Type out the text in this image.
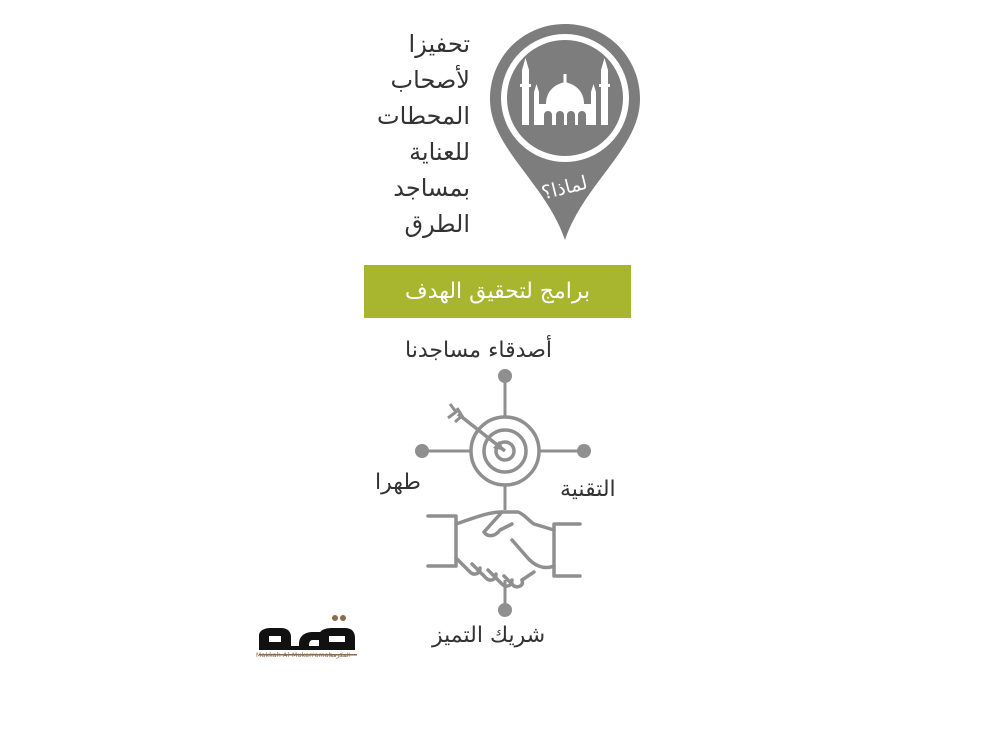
تحفيزا
لأصحاب
المحطات
للعناية
بمساجد
الطرق
لماذا؟
برامج لتحقيق الهدف
أصدقاء مساجدنا
التقنية
طهرا
شريك التميز
Makkah Al-Mukarramah
المكرمة
